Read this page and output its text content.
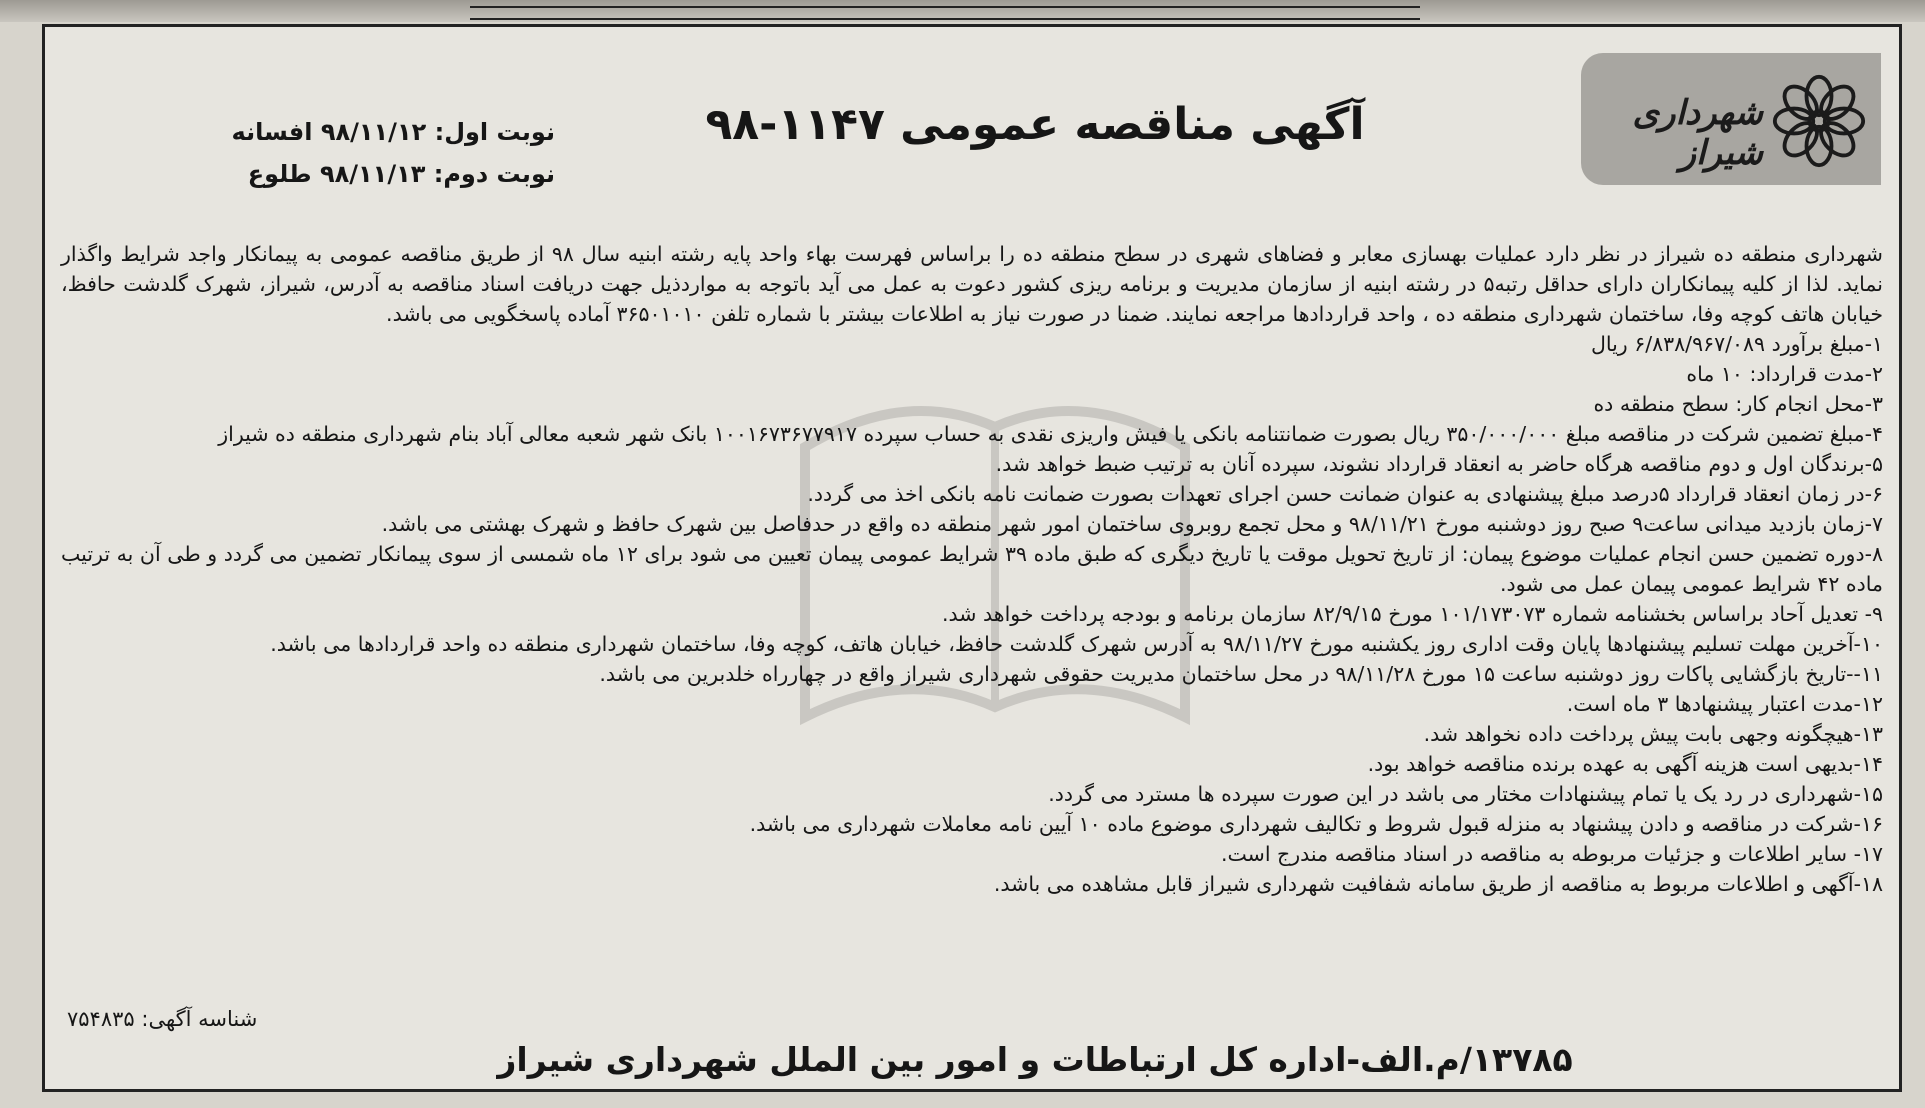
شهرداری شیراز
آگهی مناقصه عمومی ۱۱۴۷-۹۸
نوبت اول: ۹۸/۱۱/۱۲ افسانه
نوبت دوم: ۹۸/۱۱/۱۳ طلوع

شهرداری منطقه ده شیراز در نظر دارد عملیات بهسازی معابر و فضاهای شهری در سطح منطقه ده را براساس فهرست بهاء واحد پایه رشته ابنیه سال ۹۸ از طریق مناقصه عمومی به پیمانکار واجد شرایط واگذار نماید. لذا از کلیه پیمانکاران دارای حداقل رتبه۵ در رشته ابنیه از سازمان مدیریت و برنامه ریزی کشور دعوت به عمل می آید باتوجه به مواردذیل جهت دریافت اسناد مناقصه به آدرس، شیراز، شهرک گلدشت حافظ، خیابان هاتف کوچه وفا، ساختمان شهرداری منطقه ده ، واحد قراردادها مراجعه نمایند. ضمنا در صورت نیاز به اطلاعات بیشتر با شماره تلفن ۳۶۵۰۱۰۱۰ آماده پاسخگویی می باشد.

۱-مبلغ برآورد ۶/۸۳۸/۹۶۷/۰۸۹ ریال
۲-مدت قرارداد: ۱۰ ماه
۳-محل انجام کار: سطح منطقه ده
۴-مبلغ تضمین شرکت در مناقصه مبلغ ۳۵۰/۰۰۰/۰۰۰ ریال بصورت ضمانتنامه بانکی یا فیش واریزی نقدی به حساب سپرده ۱۰۰۱۶۷۳۶۷۷۹۱۷ بانک شهر شعبه معالی آباد بنام شهرداری منطقه ده شیراز
۵-برندگان اول و دوم مناقصه هرگاه حاضر به انعقاد قرارداد نشوند، سپرده آنان به ترتیب ضبط خواهد شد.
۶-در زمان انعقاد قرارداد ۵درصد مبلغ پیشنهادی به عنوان ضمانت حسن اجرای تعهدات بصورت ضمانت نامه بانکی اخذ می گردد.
۷-زمان بازدید میدانی ساعت۹ صبح روز دوشنبه مورخ ۹۸/۱۱/۲۱ و محل تجمع روبروی ساختمان امور شهر منطقه ده واقع در حدفاصل بین شهرک حافظ و شهرک بهشتی می باشد.
۸-دوره تضمین حسن انجام عملیات موضوع پیمان: از تاریخ تحویل موقت یا تاریخ دیگری که طبق ماده ۳۹ شرایط عمومی پیمان تعیین می شود برای ۱۲ ماه شمسی از سوی پیمانکار تضمین می گردد و طی آن به ترتیب ماده ۴۲ شرایط عمومی پیمان عمل می شود.
۹- تعدیل آحاد براساس بخشنامه شماره ۱۰۱/۱۷۳۰۷۳ مورخ ۸۲/۹/۱۵ سازمان برنامه و بودجه پرداخت خواهد شد.
۱۰-آخرین مهلت تسلیم پیشنهادها پایان وقت اداری روز یکشنبه مورخ ۹۸/۱۱/۲۷ به آدرس شهرک گلدشت حافظ، خیابان هاتف، کوچه وفا، ساختمان شهرداری منطقه ده واحد قراردادها می باشد.
۱۱--تاریخ بازگشایی پاکات روز دوشنبه ساعت ۱۵ مورخ ۹۸/۱۱/۲۸ در محل ساختمان مدیریت حقوقی شهرداری شیراز واقع در چهارراه خلدبرین می باشد.
۱۲-مدت اعتبار پیشنهادها ۳ ماه است.
۱۳-هیچگونه وجهی بابت پیش پرداخت داده نخواهد شد.
۱۴-بدیهی است هزینه آگهی به عهده برنده مناقصه خواهد بود.
۱۵-شهرداری در رد یک یا تمام پیشنهادات مختار می باشد در این صورت سپرده ها مسترد می گردد.
۱۶-شرکت در مناقصه و دادن پیشنهاد به منزله قبول شروط و تکالیف شهرداری موضوع ماده ۱۰ آیین نامه معاملات شهرداری می باشد.
۱۷- سایر اطلاعات و جزئیات مربوطه به مناقصه در اسناد مناقصه مندرج است.
۱۸-آگهی و اطلاعات مربوط به مناقصه از طریق سامانه شفافیت شهرداری شیراز قابل مشاهده می باشد.
شناسه آگهی: ۷۵۴۸۳۵
۱۳۷۸۵/م.الف-اداره کل ارتباطات و امور بین الملل شهرداری شیراز
